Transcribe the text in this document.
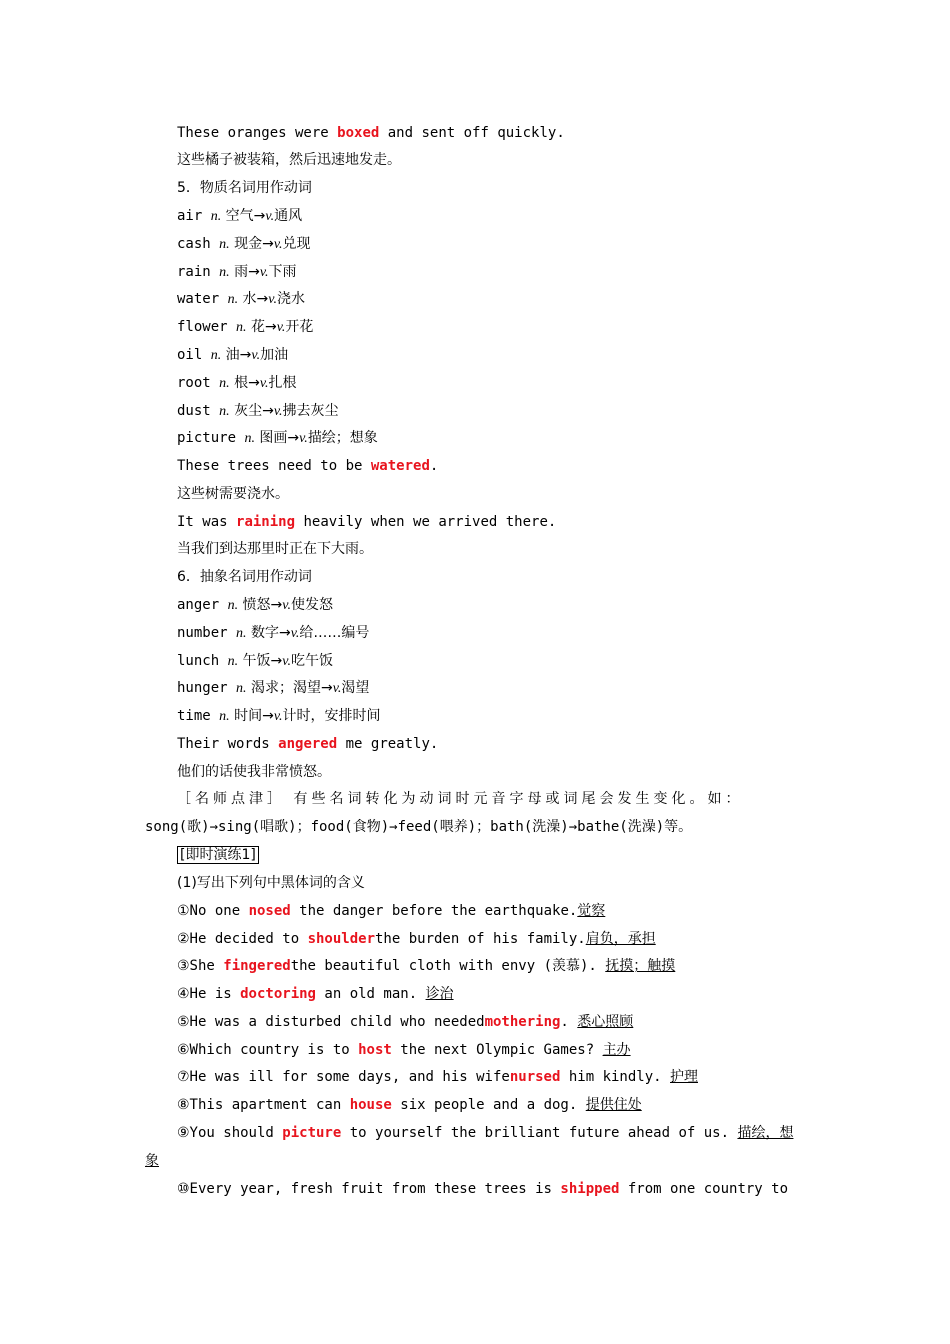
These oranges were boxed and sent off quickly.
这些橘子被装箱，然后迅速地发走。
5．物质名词用作动词
air n. 空气→v.通风
cash n. 现金→v.兑现
rain n. 雨→v.下雨
water n. 水→v.浇水
flower n. 花→v.开花
oil n. 油→v.加油
root n. 根→v.扎根
dust n. 灰尘→v.拂去灰尘
picture n. 图画→v.描绘；想象
These trees need to be watered.
这些树需要浇水。
It was raining heavily when we arrived there.
当我们到达那里时正在下大雨。
6．抽象名词用作动词
anger n. 愤怒→v.使发怒
number n. 数字→v.给……编号
lunch n. 午饭→v.吃午饭
hunger n. 渴求；渴望→v.渴望
time n. 时间→v.计时，安排时间
Their words angered me greatly.
他们的话使我非常愤怒。
［名师点津］ 有些名词转化为动词时元音字母或词尾会发生变化。如：
song(歌)→sing(唱歌)；food(食物)→feed(喂养)；bath(洗澡)→bathe(洗澡)等。
[即时演练1]
(1)写出下列句中黑体词的含义
①No one nosed the danger before the earthquake.觉察
②He decided to shoulderthe burden of his family.肩负，承担
③She fingeredthe beautiful cloth with envy (羡慕). 抚摸；触摸
④He is doctoring an old man. 诊治
⑤He was a disturbed child who neededmothering. 悉心照顾
⑥Which country is to host the next Olympic Games? 主办
⑦He was ill for some days, and his wifenursed him kindly. 护理
⑧This apartment can house six people and a dog. 提供住处
⑨You should picture to yourself the brilliant future ahead of us. 描绘，想
象
⑩Every year, fresh fruit from these trees is shipped from one country to
